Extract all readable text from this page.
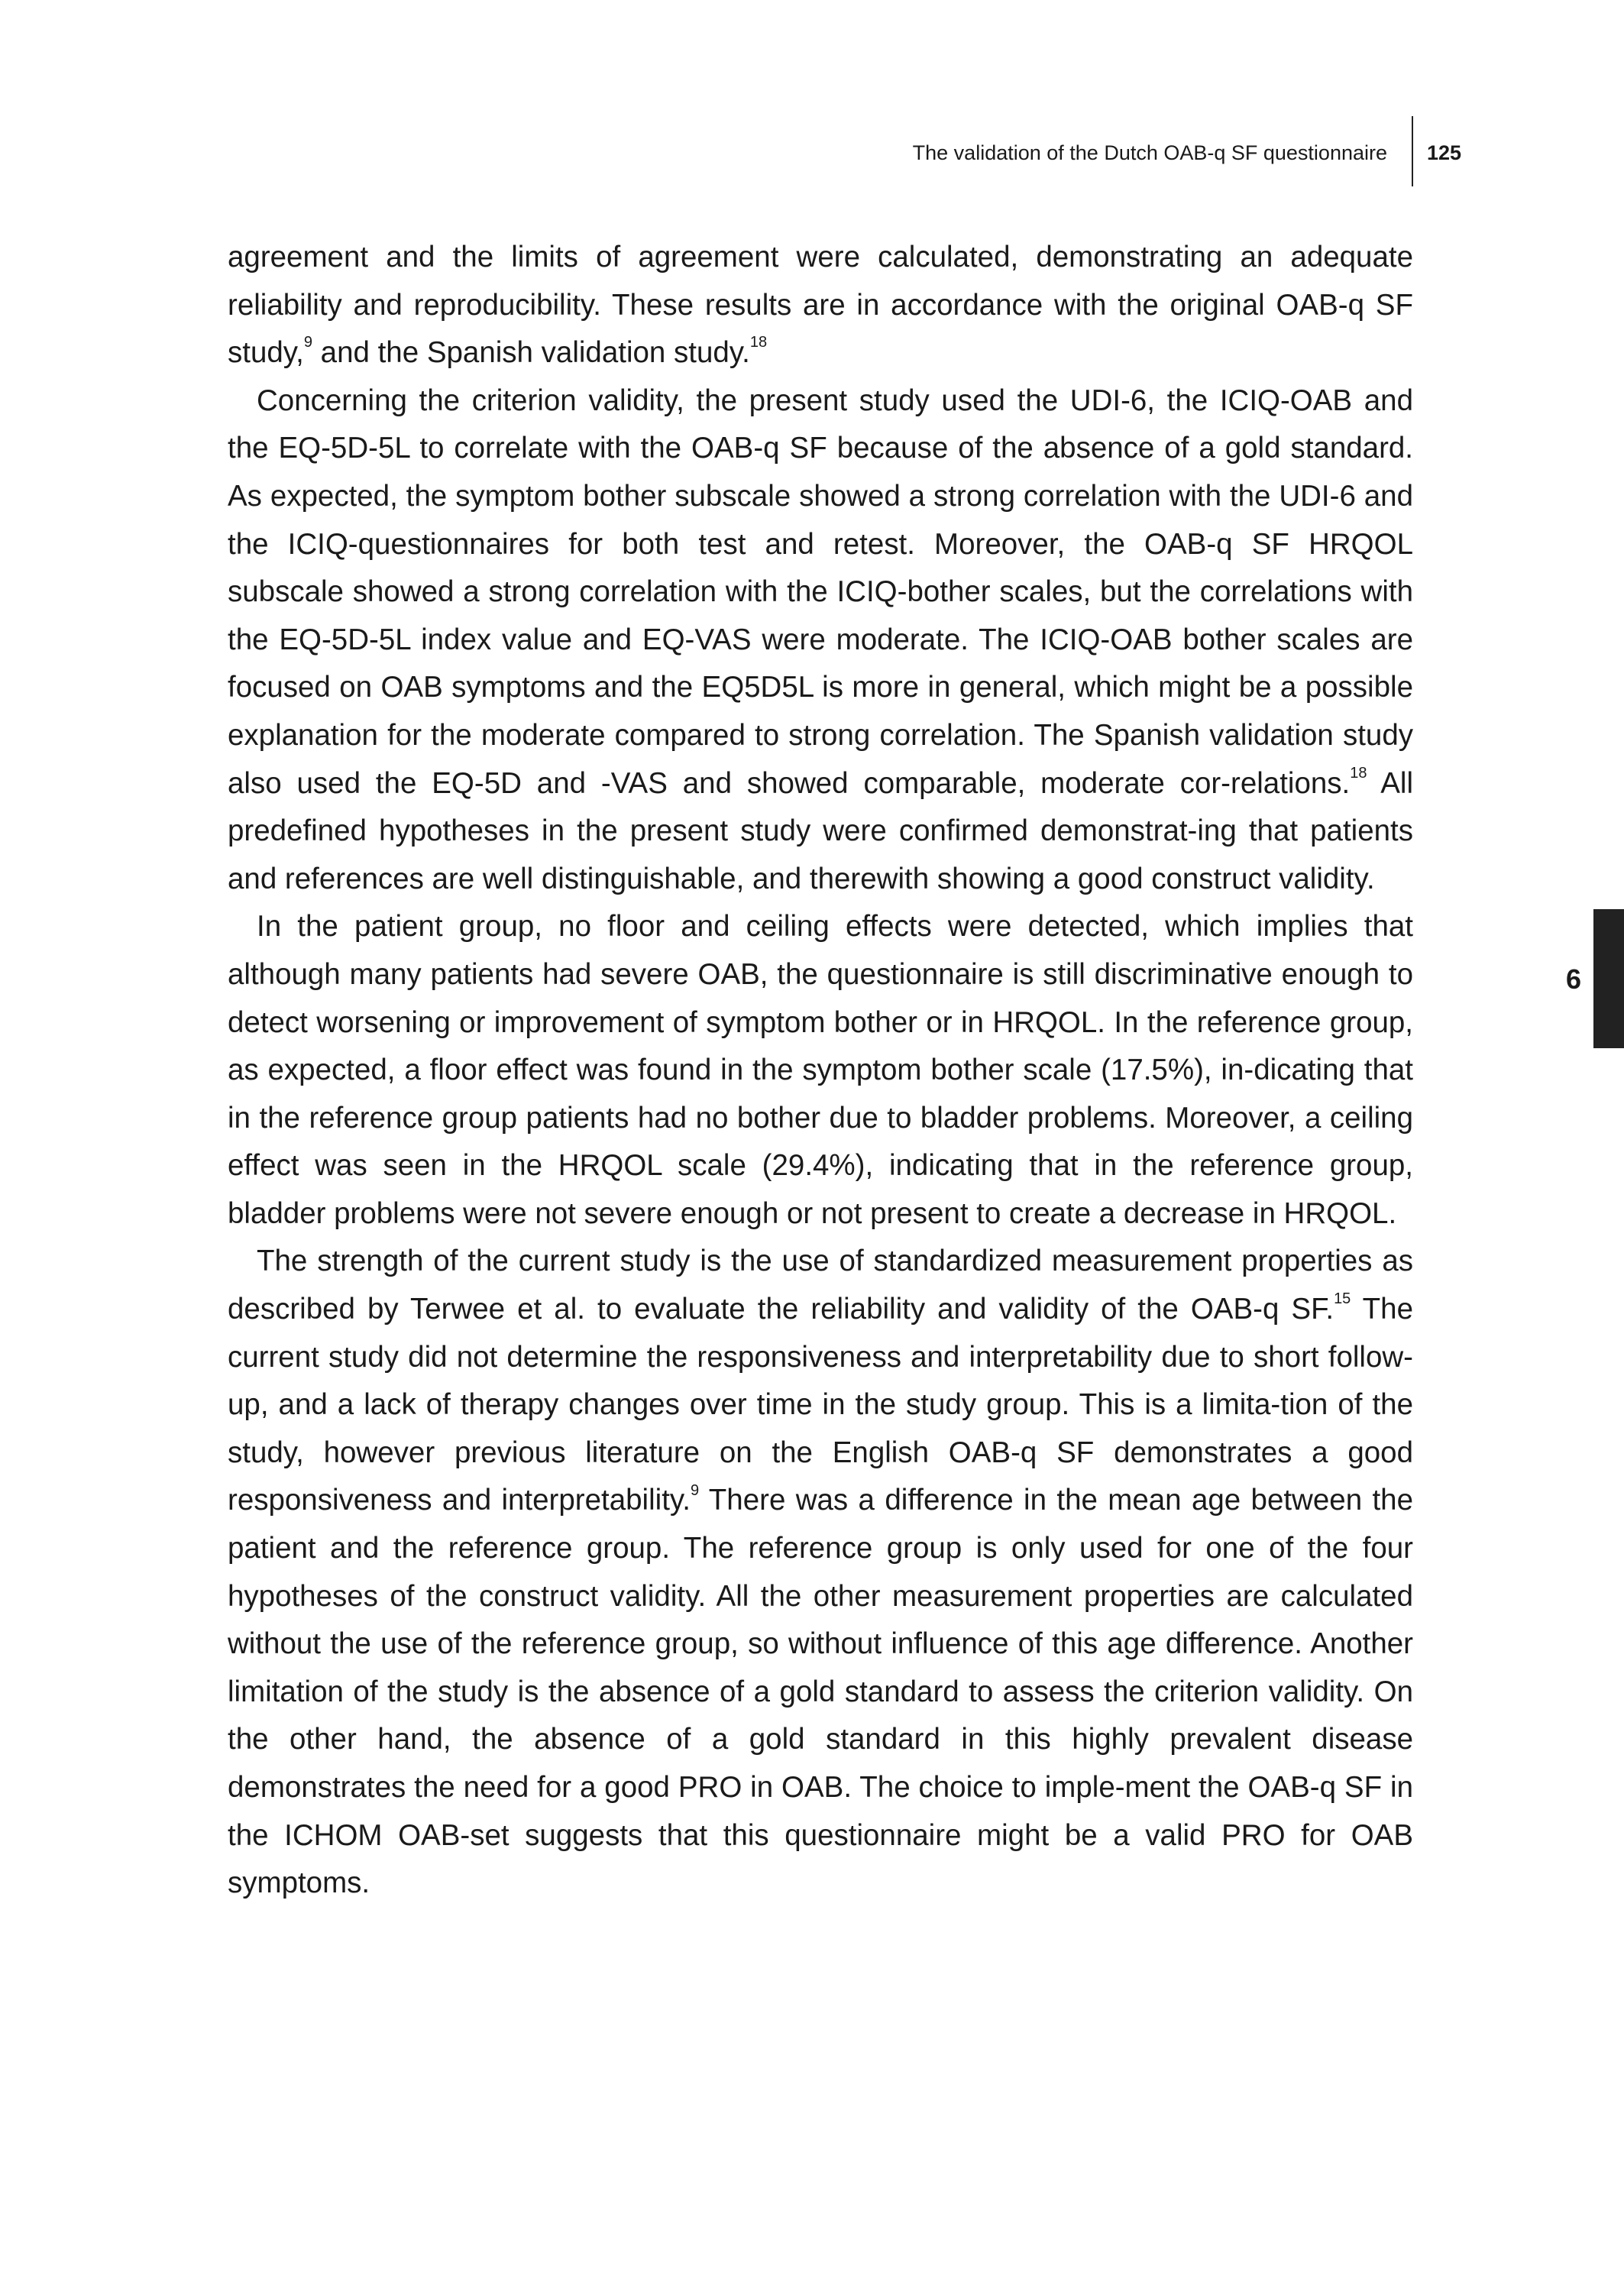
The validation of the Dutch OAB-q SF questionnaire 125
6

agreement and the limits of agreement were calculated, demonstrating an adequate reliability and reproducibility. These results are in accordance with the original OAB-q SF study,$^9$ and the Spanish validation study.$^{18}$

Concerning the criterion validity, the present study used the UDI-6, the ICIQ-OAB and the EQ-5D-5L to correlate with the OAB-q SF because of the absence of a gold standard. As expected, the symptom bother subscale showed a strong correlation with the UDI-6 and the ICIQ-questionnaires for both test and retest. Moreover, the OAB-q SF HRQOL subscale showed a strong correlation with the ICIQ-bother scales, but the correlations with the EQ-5D-5L index value and EQ-VAS were moderate. The ICIQ-OAB bother scales are focused on OAB symptoms and the EQ5D5L is more in general, which might be a possible explanation for the moderate compared to strong correlation. The Spanish validation study also used the EQ-5D and -VAS and showed comparable, moderate cor-relations.$^{18}$ All predefined hypotheses in the present study were confirmed demonstrat-ing that patients and references are well distinguishable, and therewith showing a good construct validity.

In the patient group, no floor and ceiling effects were detected, which implies that although many patients had severe OAB, the questionnaire is still discriminative enough to detect worsening or improvement of symptom bother or in HRQOL. In the reference group, as expected, a floor effect was found in the symptom bother scale (17.5%), in-dicating that in the reference group patients had no bother due to bladder problems. Moreover, a ceiling effect was seen in the HRQOL scale (29.4%), indicating that in the reference group, bladder problems were not severe enough or not present to create a decrease in HRQOL.

The strength of the current study is the use of standardized measurement properties as described by Terwee et al. to evaluate the reliability and validity of the OAB-q SF.$^{15}$ The current study did not determine the responsiveness and interpretability due to short follow-up, and a lack of therapy changes over time in the study group. This is a limita-tion of the study, however previous literature on the English OAB-q SF demonstrates a good responsiveness and interpretability.$^9$ There was a difference in the mean age between the patient and the reference group. The reference group is only used for one of the four hypotheses of the construct validity. All the other measurement properties are calculated without the use of the reference group, so without influence of this age difference. Another limitation of the study is the absence of a gold standard to assess the criterion validity. On the other hand, the absence of a gold standard in this highly prevalent disease demonstrates the need for a good PRO in OAB. The choice to imple-ment the OAB-q SF in the ICHOM OAB-set suggests that this questionnaire might be a valid PRO for OAB symptoms.
